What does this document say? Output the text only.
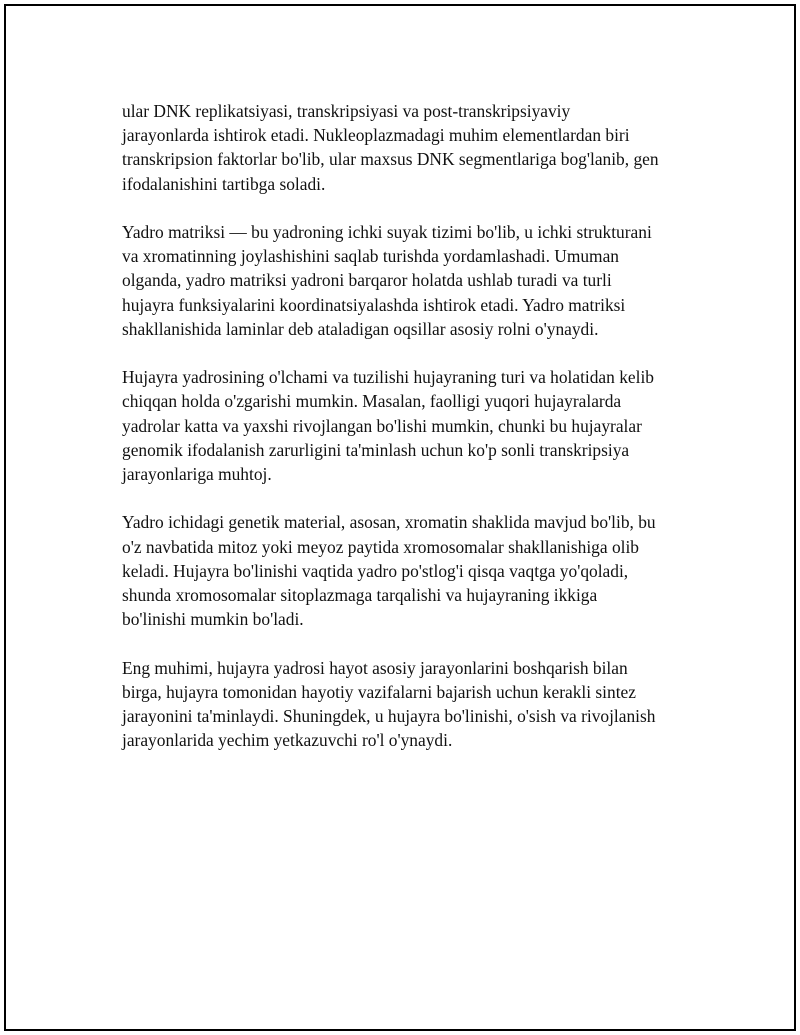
ular DNK replikatsiyasi, transkripsiyasi va post-transkripsiyaviy
jarayonlarda ishtirok etadi. Nukleoplazmadagi muhim elementlardan biri
transkripsion faktorlar bo'lib, ular maxsus DNK segmentlariga bog'lanib, gen
ifodalanishini tartibga soladi.

Yadro matriksi — bu yadroning ichki suyak tizimi bo'lib, u ichki strukturani
va xromatinning joylashishini saqlab turishda yordamlashadi. Umuman
olganda, yadro matriksi yadroni barqaror holatda ushlab turadi va turli
hujayra funksiyalarini koordinatsiyalashda ishtirok etadi. Yadro matriksi
shakllanishida laminlar deb ataladigan oqsillar asosiy rolni o'ynaydi.

Hujayra yadrosining o'lchami va tuzilishi hujayraning turi va holatidan kelib
chiqqan holda o'zgarishi mumkin. Masalan, faolligi yuqori hujayralarda
yadrolar katta va yaxshi rivojlangan bo'lishi mumkin, chunki bu hujayralar
genomik ifodalanish zarurligini ta'minlash uchun ko'p sonli transkripsiya
jarayonlariga muhtoj.

Yadro ichidagi genetik material, asosan, xromatin shaklida mavjud bo'lib, bu
o'z navbatida mitoz yoki meyoz paytida xromosomalar shakllanishiga olib
keladi. Hujayra bo'linishi vaqtida yadro po'stlog'i qisqa vaqtga yo'qoladi,
shunda xromosomalar sitoplazmaga tarqalishi va hujayraning ikkiga
bo'linishi mumkin bo'ladi.

Eng muhimi, hujayra yadrosi hayot asosiy jarayonlarini boshqarish bilan
birga, hujayra tomonidan hayotiy vazifalarni bajarish uchun kerakli sintez
jarayonini ta'minlaydi. Shuningdek, u hujayra bo'linishi, o'sish va rivojlanish
jarayonlarida yechim yetkazuvchi ro'l o'ynaydi.
